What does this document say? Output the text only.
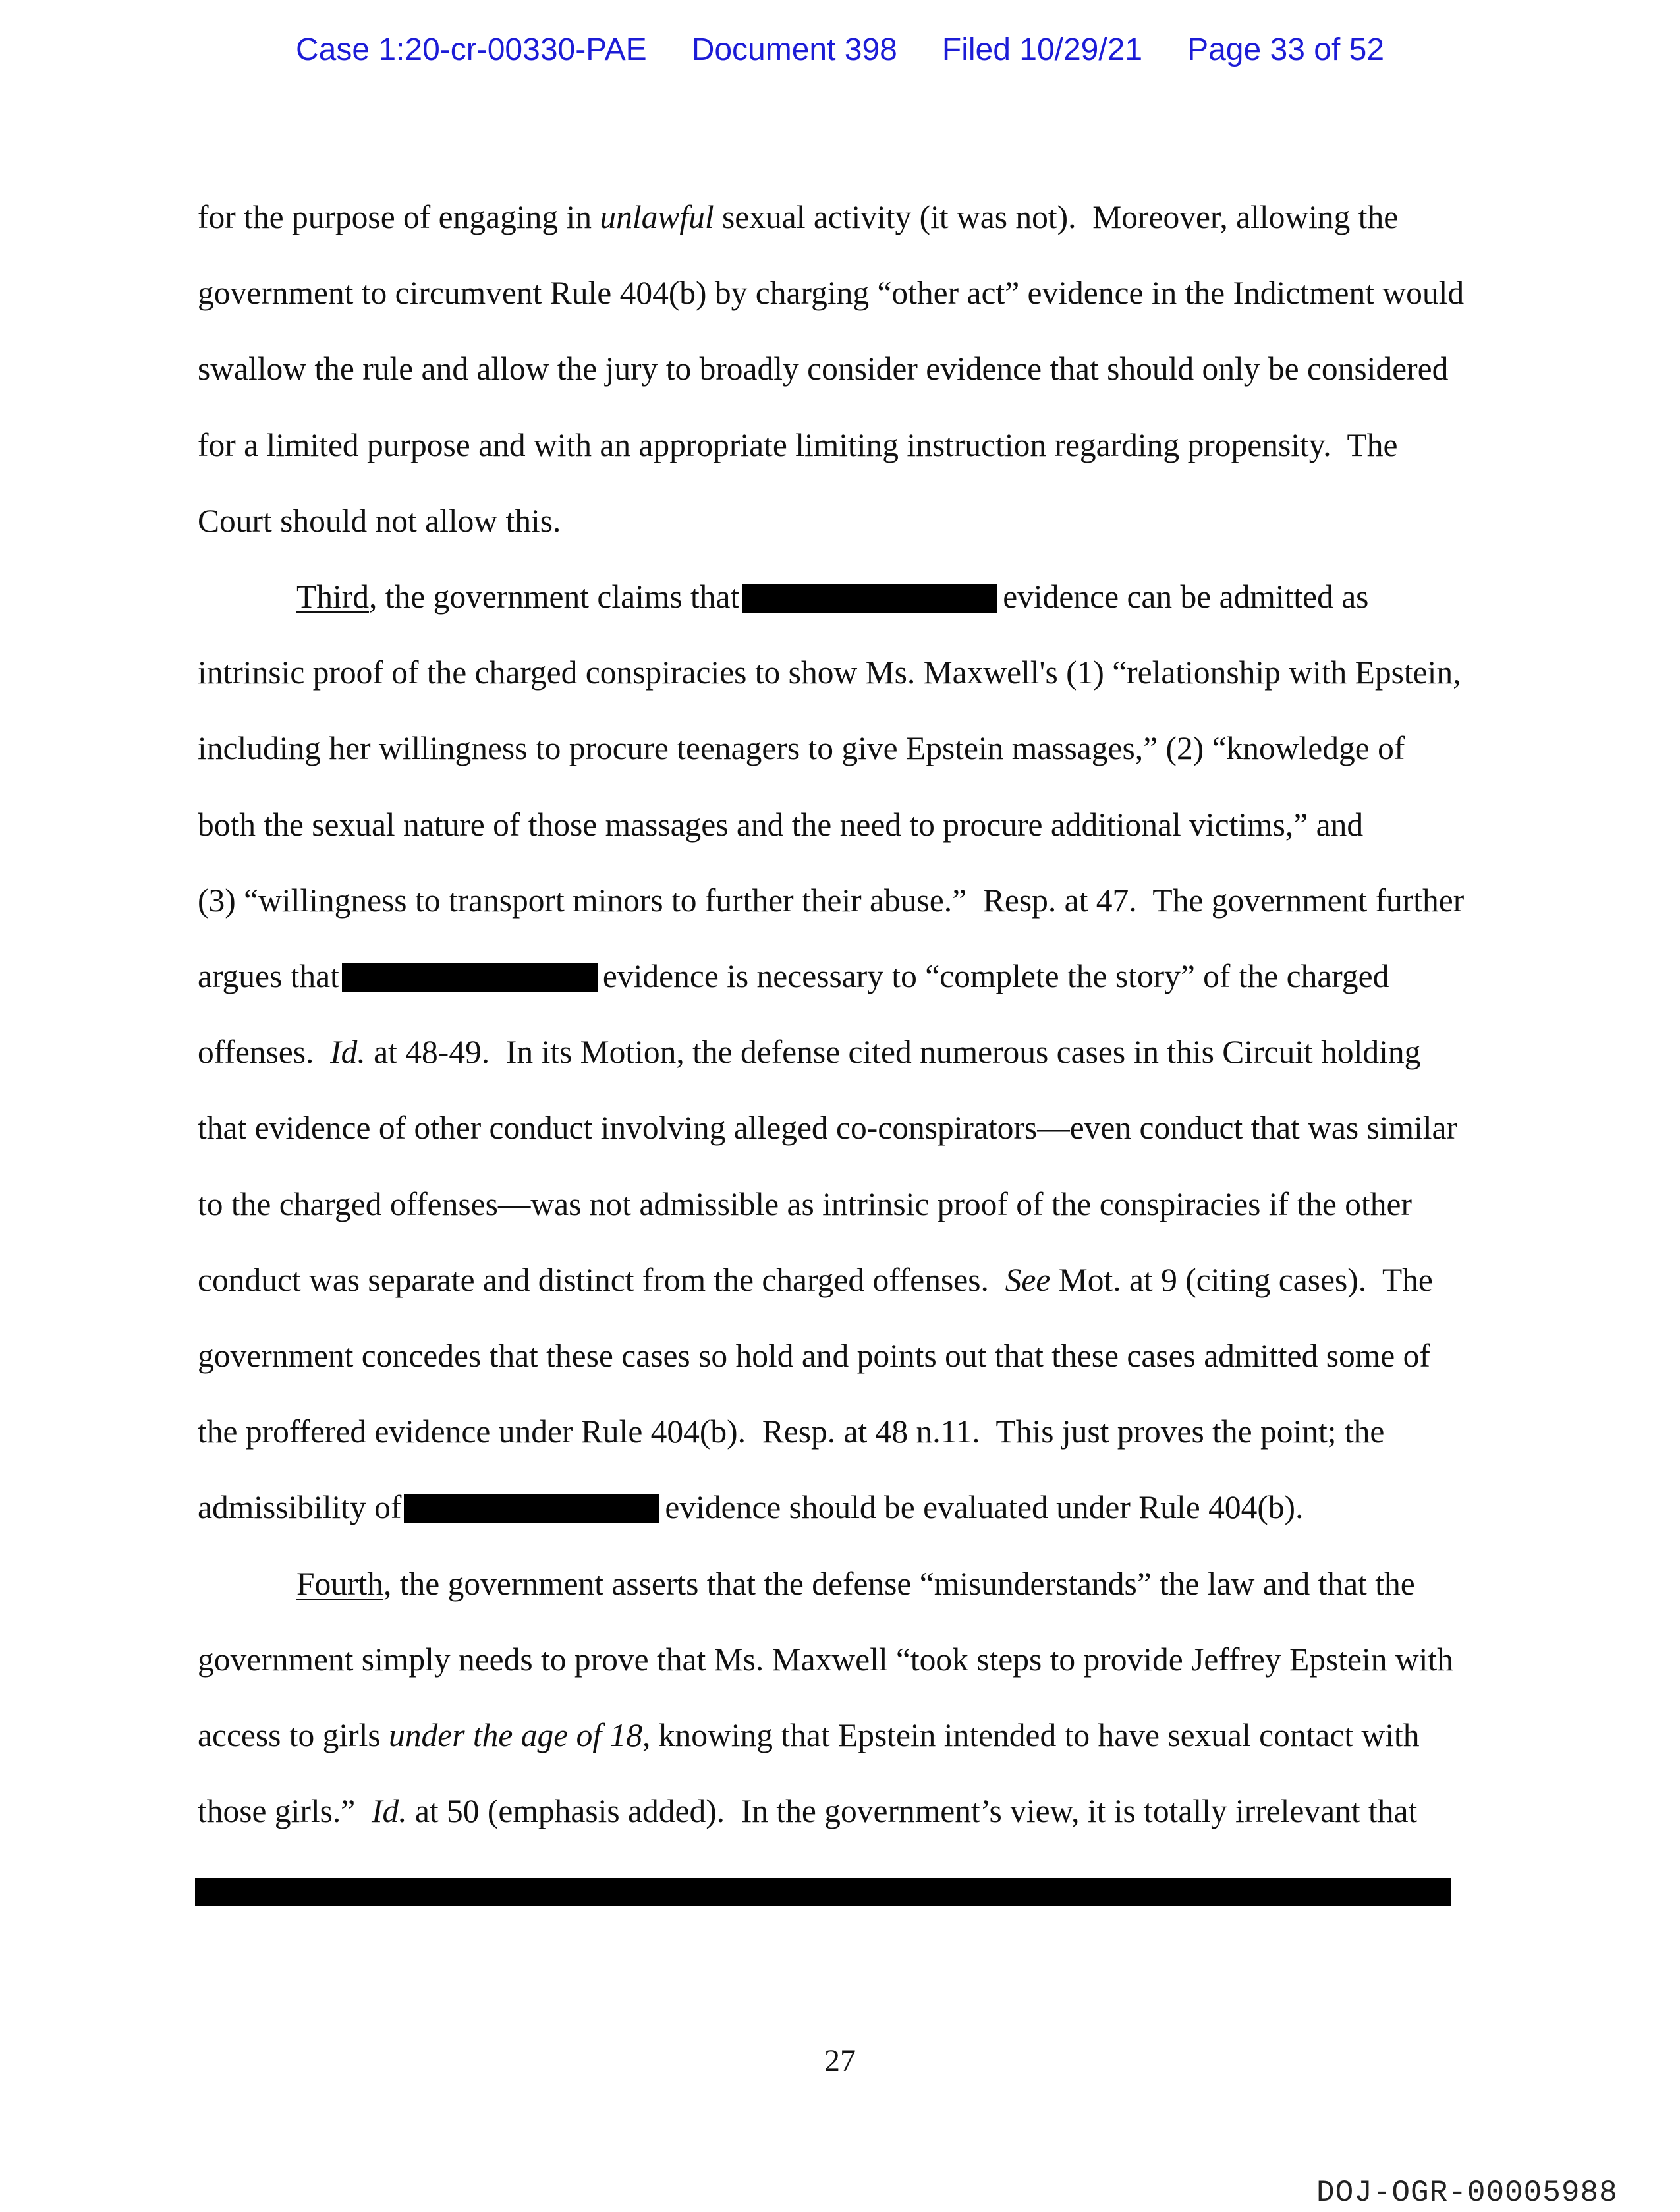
Case 1:20-cr-00330-PAE Document 398 Filed 10/29/21 Page 33 of 52
for the purpose of engaging in unlawful sexual activity (it was not).  Moreover, allowing the
government to circumvent Rule 404(b) by charging “other act” evidence in the Indictment would
swallow the rule and allow the jury to broadly consider evidence that should only be considered
for a limited purpose and with an appropriate limiting instruction regarding propensity.  The
Court should not allow this.
Third, the government claims that	evidence can be admitted as
intrinsic proof of the charged conspiracies to show Ms. Maxwell's (1) “relationship with Epstein,
including her willingness to procure teenagers to give Epstein massages,” (2) “knowledge of
both the sexual nature of those massages and the need to procure additional victims,” and
(3) “willingness to transport minors to further their abuse.”  Resp. at 47.  The government further
argues that	evidence is necessary to “complete the story” of the charged
offenses.  Id. at 48-49.  In its Motion, the defense cited numerous cases in this Circuit holding
that evidence of other conduct involving alleged co-conspirators—even conduct that was similar
to the charged offenses—was not admissible as intrinsic proof of the conspiracies if the other
conduct was separate and distinct from the charged offenses.  See Mot. at 9 (citing cases).  The
government concedes that these cases so hold and points out that these cases admitted some of
the proffered evidence under Rule 404(b).  Resp. at 48 n.11.  This just proves the point; the
admissibility of	evidence should be evaluated under Rule 404(b).
Fourth, the government asserts that the defense “misunderstands” the law and that the
government simply needs to prove that Ms. Maxwell “took steps to provide Jeffrey Epstein with
access to girls under the age of 18, knowing that Epstein intended to have sexual contact with
those girls.”  Id. at 50 (emphasis added).  In the government’s view, it is totally irrelevant that
27
DOJ-OGR-00005988
